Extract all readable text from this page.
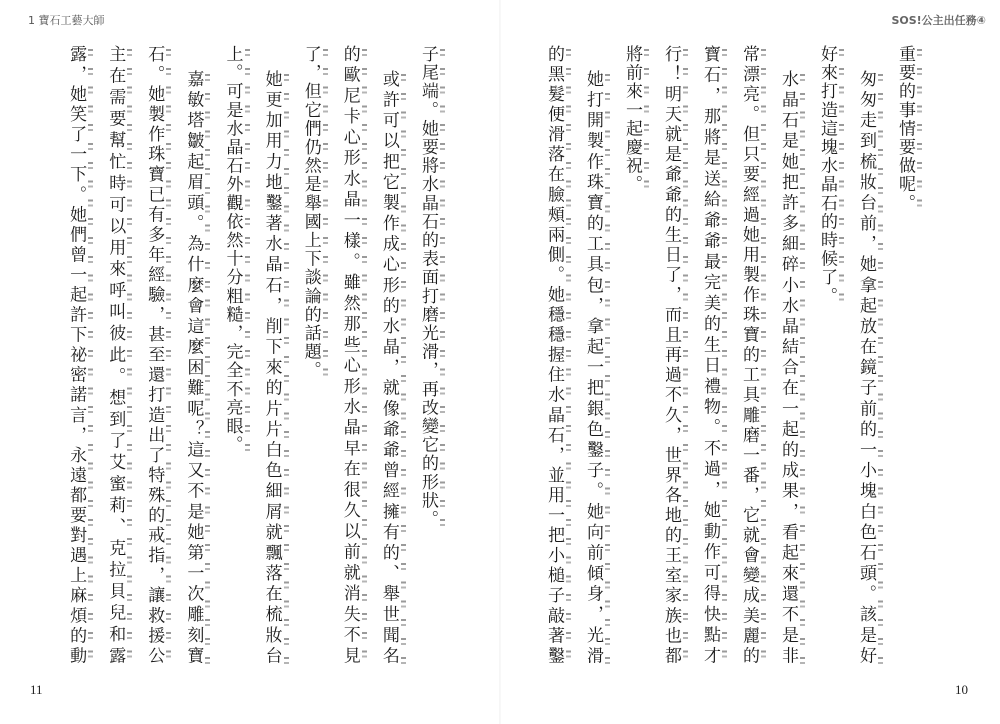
1 寶石工藝大師	SOS!公主出任務④
重要的事情要做呢。
匆匆走到梳妝台前，她拿起放在鏡子前的一小塊白色石頭。該是好
好來打造這塊水晶石的時候了。
水晶石是她把許多細碎小水晶結合在一起的成果，看起來還不是非
常漂亮。但只要經過她用製作珠寶的工具雕磨一番，它就會變成美麗的
寶石，那將是送給爺爺最完美的生日禮物。不過，她動作可得快點才
行！明天就是爺爺的生日了，而且再過不久，世界各地的王室家族也都
將前來一起慶祝。
她打開製作珠寶的工具包，拿起一把銀色鑿子。她向前傾身，光滑
的黑髮便滑落在臉頰兩側。她穩穩握住水晶石，並用一把小槌子敲著鑿
子尾端。她要將水晶石的表面打磨光滑，再改變它的形狀。
或許可以把它製作成心形的水晶，就像爺爺曾經擁有的、舉世聞名
的歐尼卡心形水晶一樣。雖然那些心形水晶早在很久以前就消失不見
了，但它們仍然是舉國上下談論的話題。
她更加用力地鑿著水晶石，削下來的片片白色細屑就飄落在梳妝台
上。可是水晶石外觀依然十分粗糙，完全不亮眼。
嘉敏塔皺起眉頭。為什麼會這麼困難呢？這又不是她第一次雕刻寶
石。她製作珠寶已有多年經驗，甚至還打造出了特殊的戒指，讓救援公
主在需要幫忙時可以用來呼叫彼此。想到了艾蜜莉、克拉貝兒和露
露，她笑了一下。她們曾一起許下祕密諾言，永遠都要對遇上麻煩的動
11	10
